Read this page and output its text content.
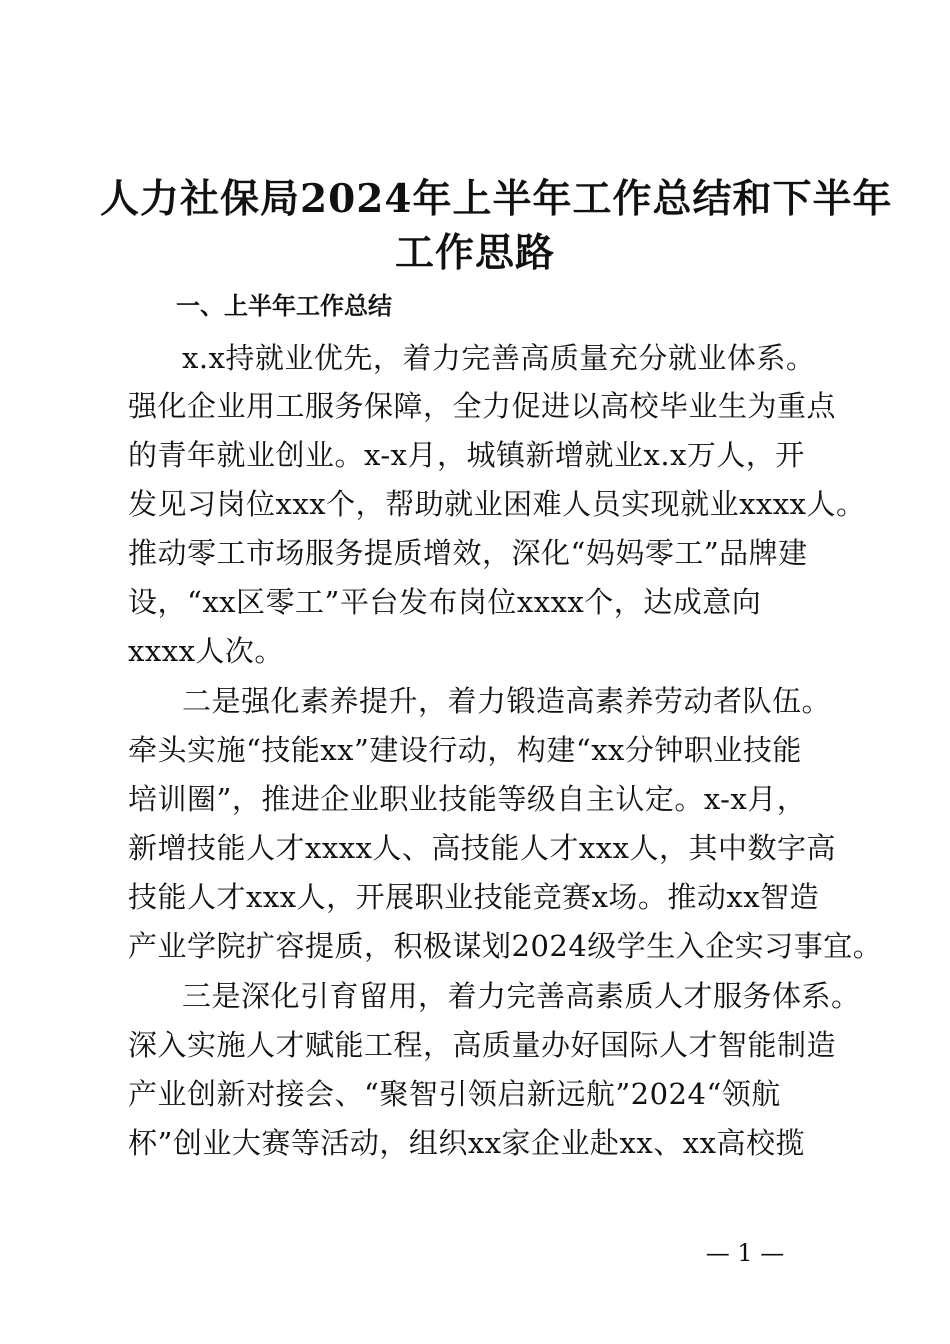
人力社保局2024年上半年工作总结和下半年
工作思路
一、上半年工作总结
x.x持就业优先，着力完善高质量充分就业体系。
强化企业用工服务保障，全力促进以高校毕业生为重点
的青年就业创业。x-x月，城镇新增就业x.x万人，开
发见习岗位xxx个，帮助就业困难人员实现就业xxxx人。
推动零工市场服务提质增效，深化“妈妈零工”品牌建
设，“xx区零工”平台发布岗位xxxx个，达成意向
xxxx人次。
二是强化素养提升，着力锻造高素养劳动者队伍。
牵头实施“技能xx”建设行动，构建“xx分钟职业技能
培训圈”，推进企业职业技能等级自主认定。x-x月，
新增技能人才xxxx人、高技能人才xxx人，其中数字高
技能人才xxx人，开展职业技能竞赛x场。推动xx智造
产业学院扩容提质，积极谋划2024级学生入企实习事宜。
三是深化引育留用，着力完善高素质人才服务体系。
深入实施人才赋能工程，高质量办好国际人才智能制造
产业创新对接会、“聚智引领启新远航”2024“领航
杯”创业大赛等活动，组织xx家企业赴xx、xx高校揽
— 1 —
